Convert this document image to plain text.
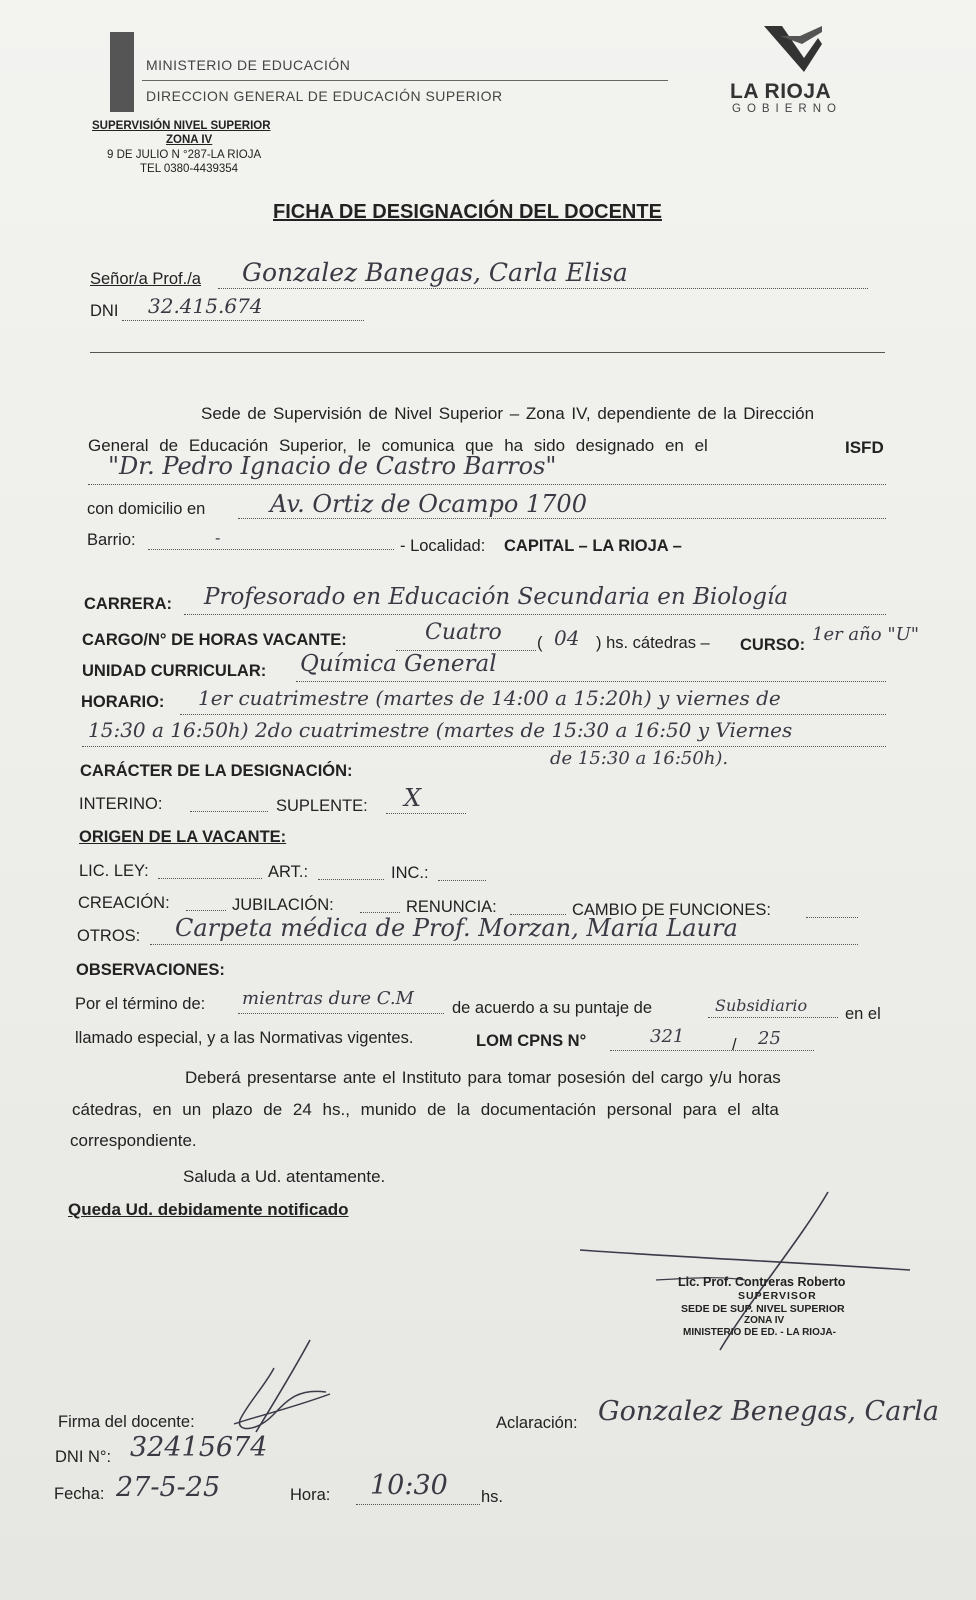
MINISTERIO DE EDUCACIÓN
DIRECCION GENERAL DE EDUCACIÓN SUPERIOR
SUPERVISIÓN NIVEL SUPERIOR
ZONA IV
9 DE JULIO N °287-LA RIOJA
TEL 0380-4439354
LA RIOJA
GOBIERNO
FICHA DE DESIGNACIÓN DEL DOCENTE
Señor/a Prof./a Gonzalez Banegas, Carla Elisa
DNI 32.415.674
Sede de Supervisión de Nivel Superior – Zona IV, dependiente de la Dirección
General de Educación Superior, le comunica que ha sido designado en el	ISFD
"Dr. Pedro Ignacio de Castro Barros"
con domicilio en	Av. Ortiz de Ocampo 1700
Barrio:	-	- Localidad: CAPITAL – LA RIOJA –
CARRERA: Profesorado en Educación Secundaria en Biología
CARGO/N° DE HORAS VACANTE:	Cuatro ( 04 ) hs. cátedras – CURSO: 1er año "U"
UNIDAD CURRICULAR: Química General
HORARIO: 1er cuatrimestre (martes de 14:00 a 15:20h) y viernes de
15:30 a 16:50h) 2do cuatrimestre (martes de 15:30 a 16:50 y Viernes
de 15:30 a 16:50h).
CARÁCTER DE LA DESIGNACIÓN:
INTERINO:	SUPLENTE: X
ORIGEN DE LA VACANTE:
LIC. LEY:	ART.:	INC.:
CREACIÓN:	JUBILACIÓN:	RENUNCIA:	CAMBIO DE FUNCIONES:
OTROS: Carpeta médica de Prof. Morzan, María Laura
OBSERVACIONES:
Por el término de: mientras dure C.M de acuerdo a su puntaje de	Subsidiario en el
llamado especial, y a las Normativas vigentes.	LOM CPNS N°	321	/ 25
Deberá presentarse ante el Instituto para tomar posesión del cargo y/u horas
cátedras, en un plazo de 24 hs., munido de la documentación personal para el alta
correspondiente.
Saluda a Ud. atentamente.
Queda Ud. debidamente notificado
Lic. Prof. Contreras Roberto
SUPERVISOR
SEDE DE SUP. NIVEL SUPERIOR
ZONA IV
MINISTERIO DE ED. - LA RIOJA-
Firma del docente:	Aclaración: Gonzalez Benegas, Carla
DNI N°: 32415674
Fecha: 27-5-25	Hora: 10:30 hs.
